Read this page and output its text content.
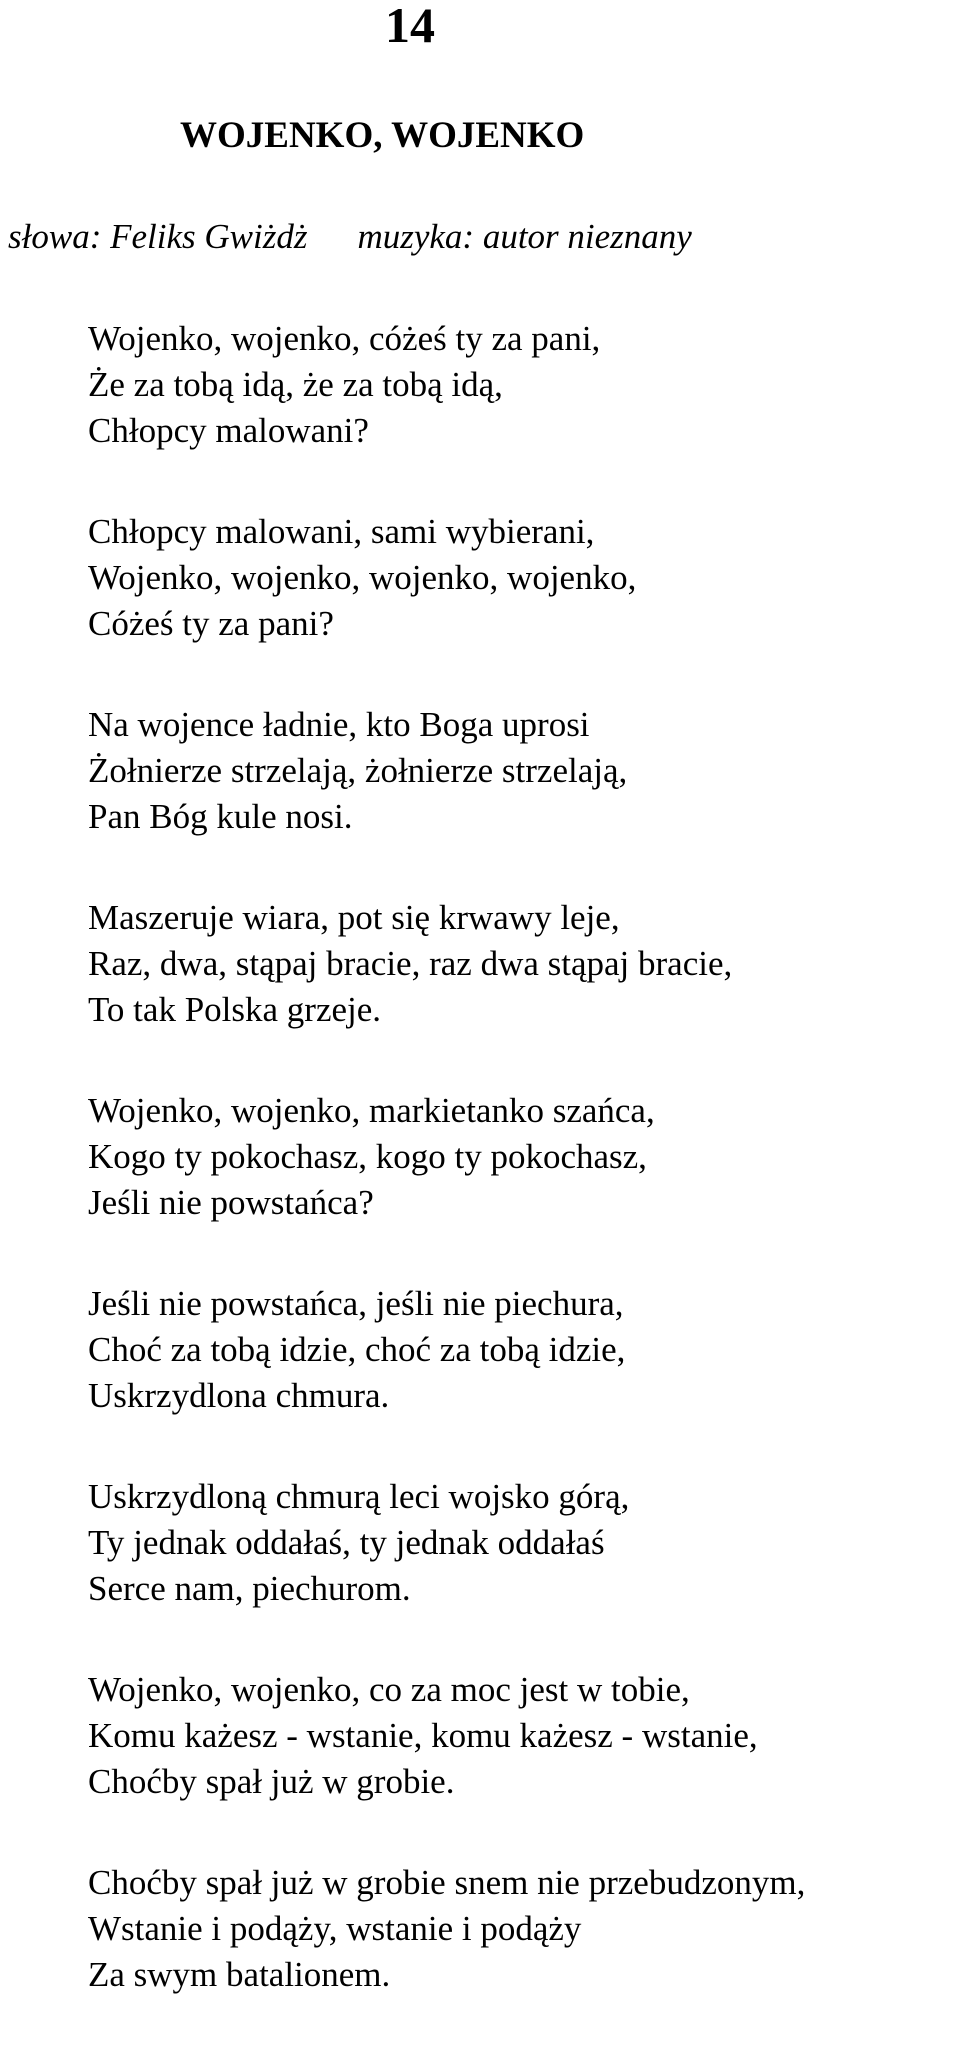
14
WOJENKO, WOJENKO
słowa: Feliks Gwiżdż muzyka: autor nieznany
Wojenko, wojenko, cóżeś ty za pani,
Że za tobą idą, że za tobą idą,
Chłopcy malowani?
Chłopcy malowani, sami wybierani,
Wojenko, wojenko, wojenko, wojenko,
Cóżeś ty za pani?
Na wojence ładnie, kto Boga uprosi
Żołnierze strzelają, żołnierze strzelają,
Pan Bóg kule nosi.
Maszeruje wiara, pot się krwawy leje,
Raz, dwa, stąpaj bracie, raz dwa stąpaj bracie,
To tak Polska grzeje.
Wojenko, wojenko, markietanko szańca,
Kogo ty pokochasz, kogo ty pokochasz,
Jeśli nie powstańca?
Jeśli nie powstańca, jeśli nie piechura,
Choć za tobą idzie, choć za tobą idzie,
Uskrzydlona chmura.
Uskrzydloną chmurą leci wojsko górą,
Ty jednak oddałaś, ty jednak oddałaś
Serce nam, piechurom.
Wojenko, wojenko, co za moc jest w tobie,
Komu każesz - wstanie, komu każesz - wstanie,
Choćby spał już w grobie.
Choćby spał już w grobie snem nie przebudzonym,
Wstanie i podąży, wstanie i podąży
Za swym batalionem.
